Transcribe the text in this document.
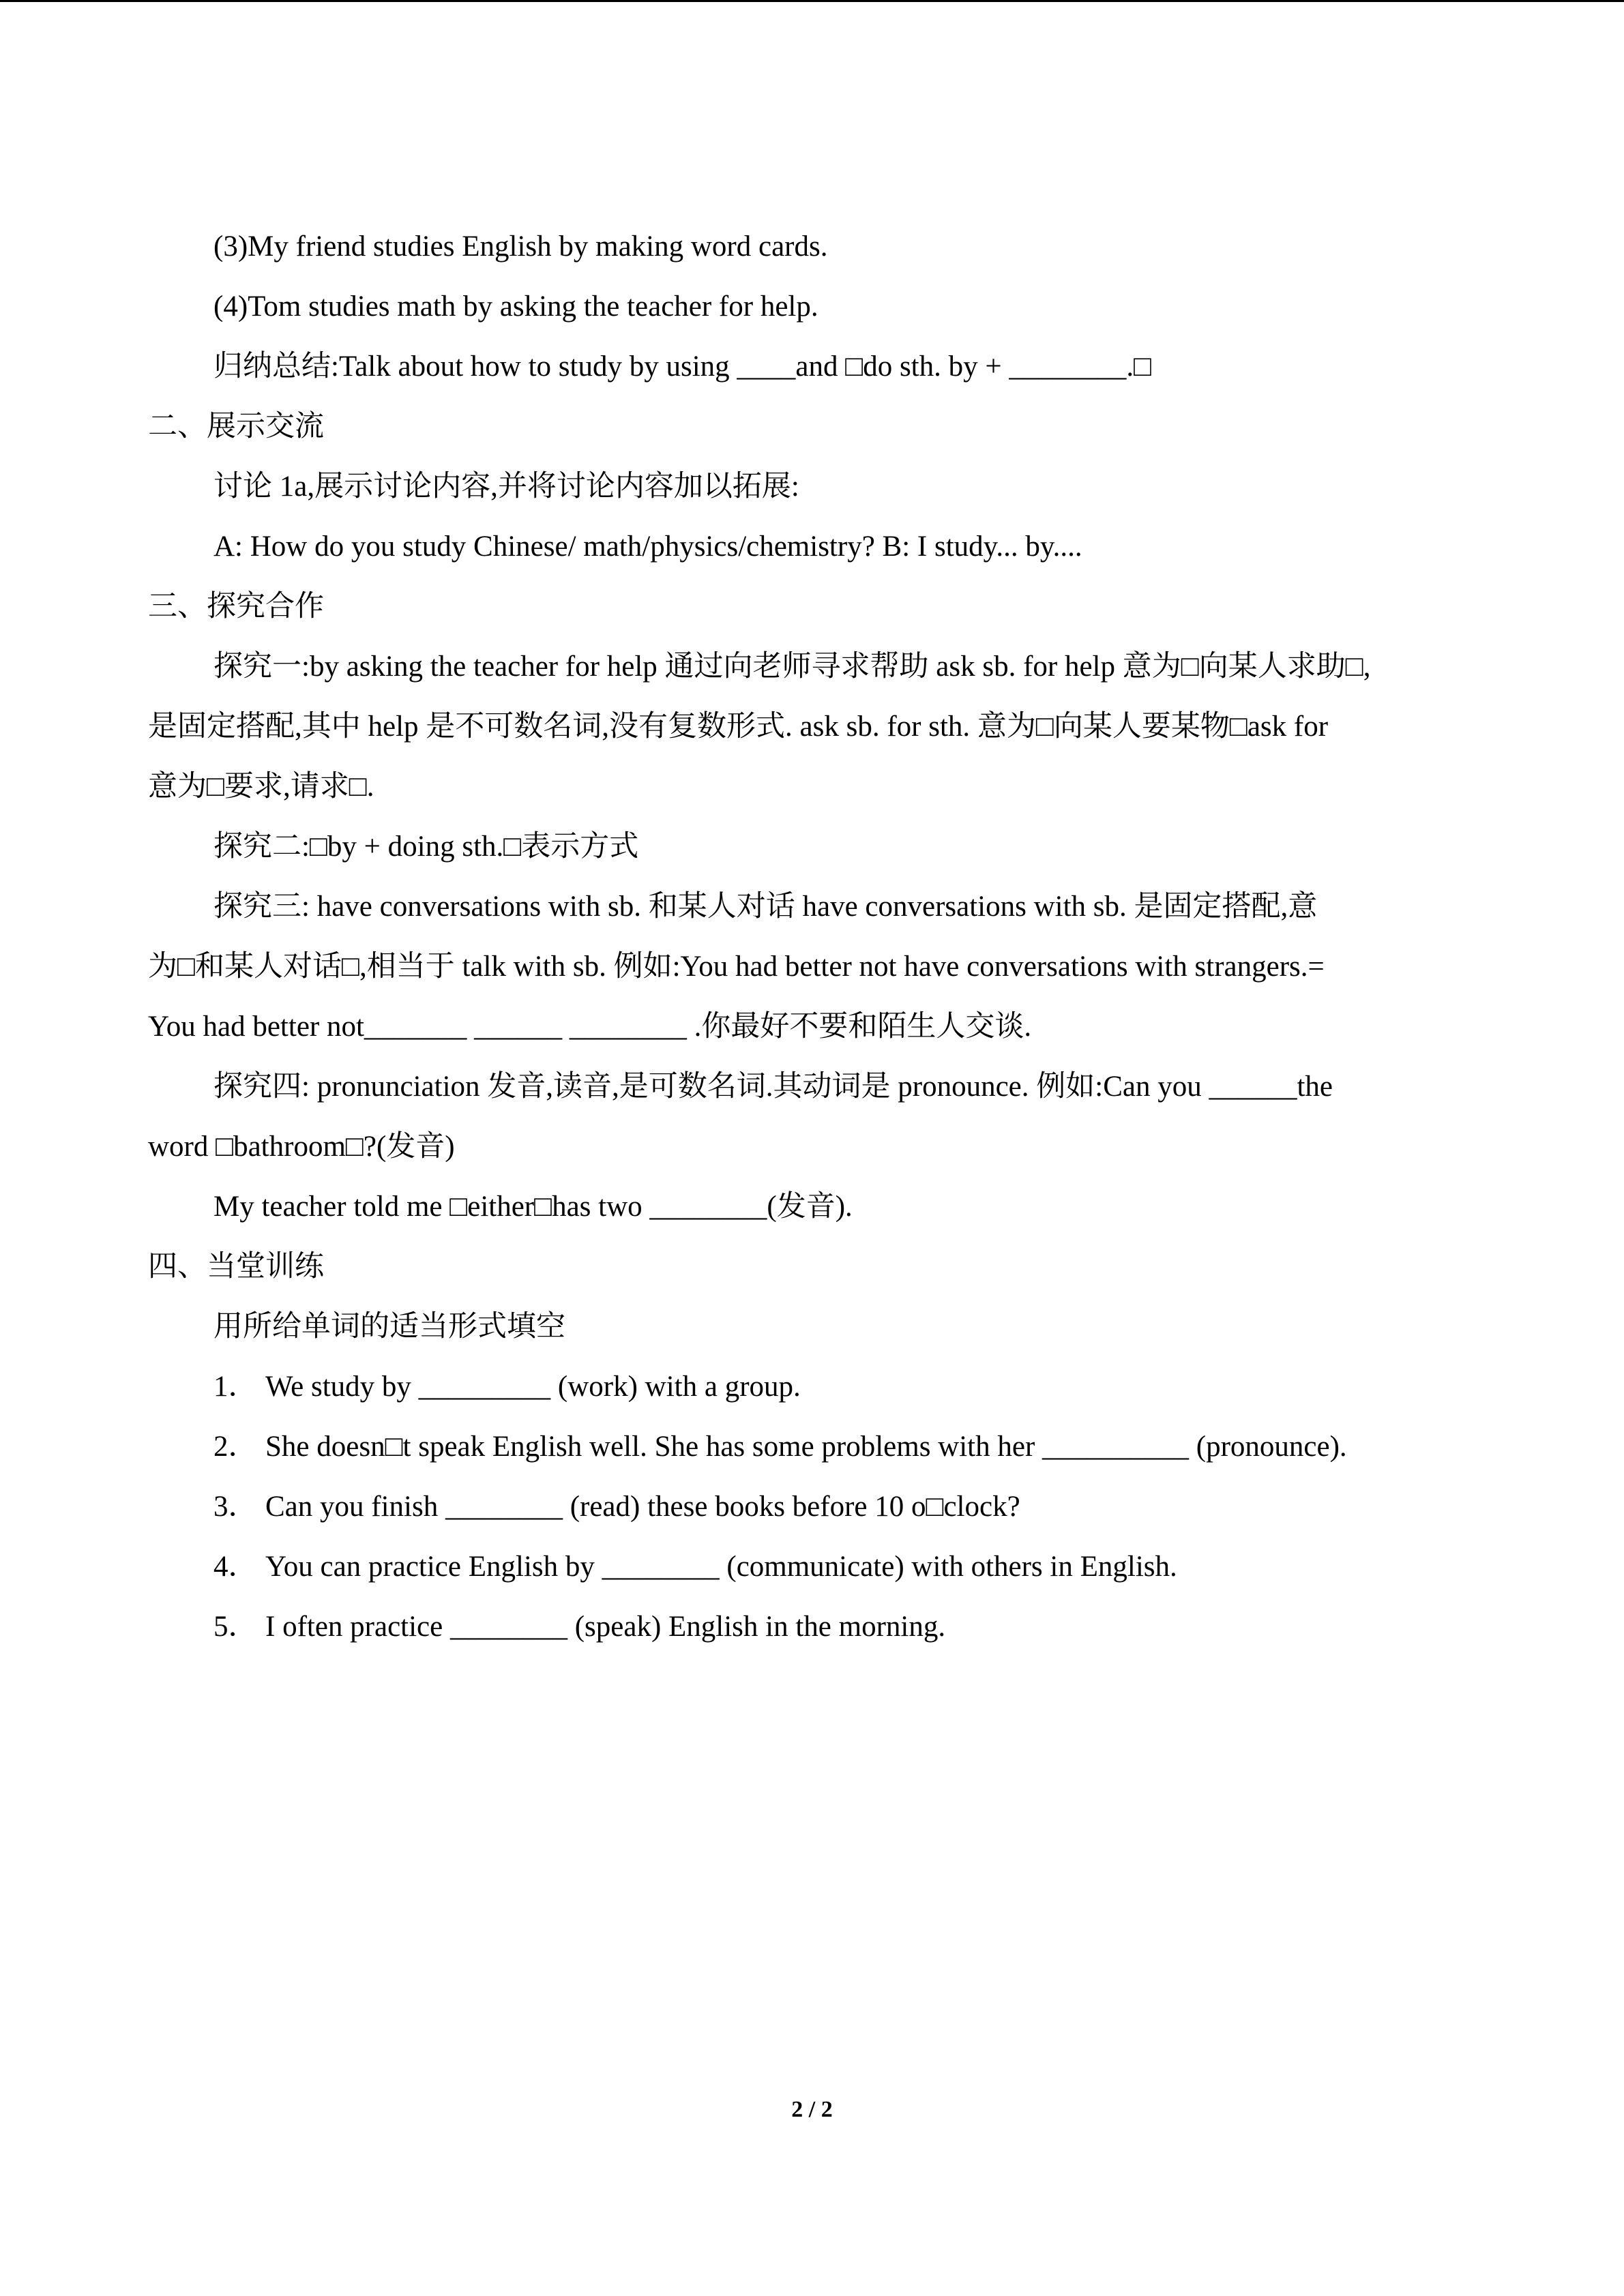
(3)My friend studies English by making word cards.
(4)Tom studies math by asking the teacher for help.
归纳总结:Talk about how to study by using ____and □do sth. by + ________.□
二、展示交流
讨论 1a,展示讨论内容,并将讨论内容加以拓展:
A: How do you study Chinese/ math/physics/chemistry? B: I study... by....
三、探究合作
探究一:by asking the teacher for help 通过向老师寻求帮助 ask sb. for help 意为□向某人求助□,
是固定搭配,其中 help 是不可数名词,没有复数形式. ask sb. for sth. 意为□向某人要某物□ask for
意为□要求,请求□.
探究二:□by + doing sth.□表示方式
探究三: have conversations with sb. 和某人对话 have conversations with sb. 是固定搭配,意
为□和某人对话□,相当于 talk with sb. 例如:You had better not have conversations with strangers.=
You had better not_______ ______ ________ .你最好不要和陌生人交谈.
探究四: pronunciation 发音,读音,是可数名词.其动词是 pronounce. 例如:Can you ______the
word □bathroom□?(发音)
My teacher told me □either□has two ________(发音).
四、当堂训练
用所给单词的适当形式填空
1． We study by _________ (work) with a group.
2． She doesn□t speak English well. She has some problems with her __________ (pronounce).
3． Can you finish ________ (read) these books before 10 o□clock?
4． You can practice English by ________ (communicate) with others in English.
5． I often practice ________ (speak) English in the morning.
2 / 2
